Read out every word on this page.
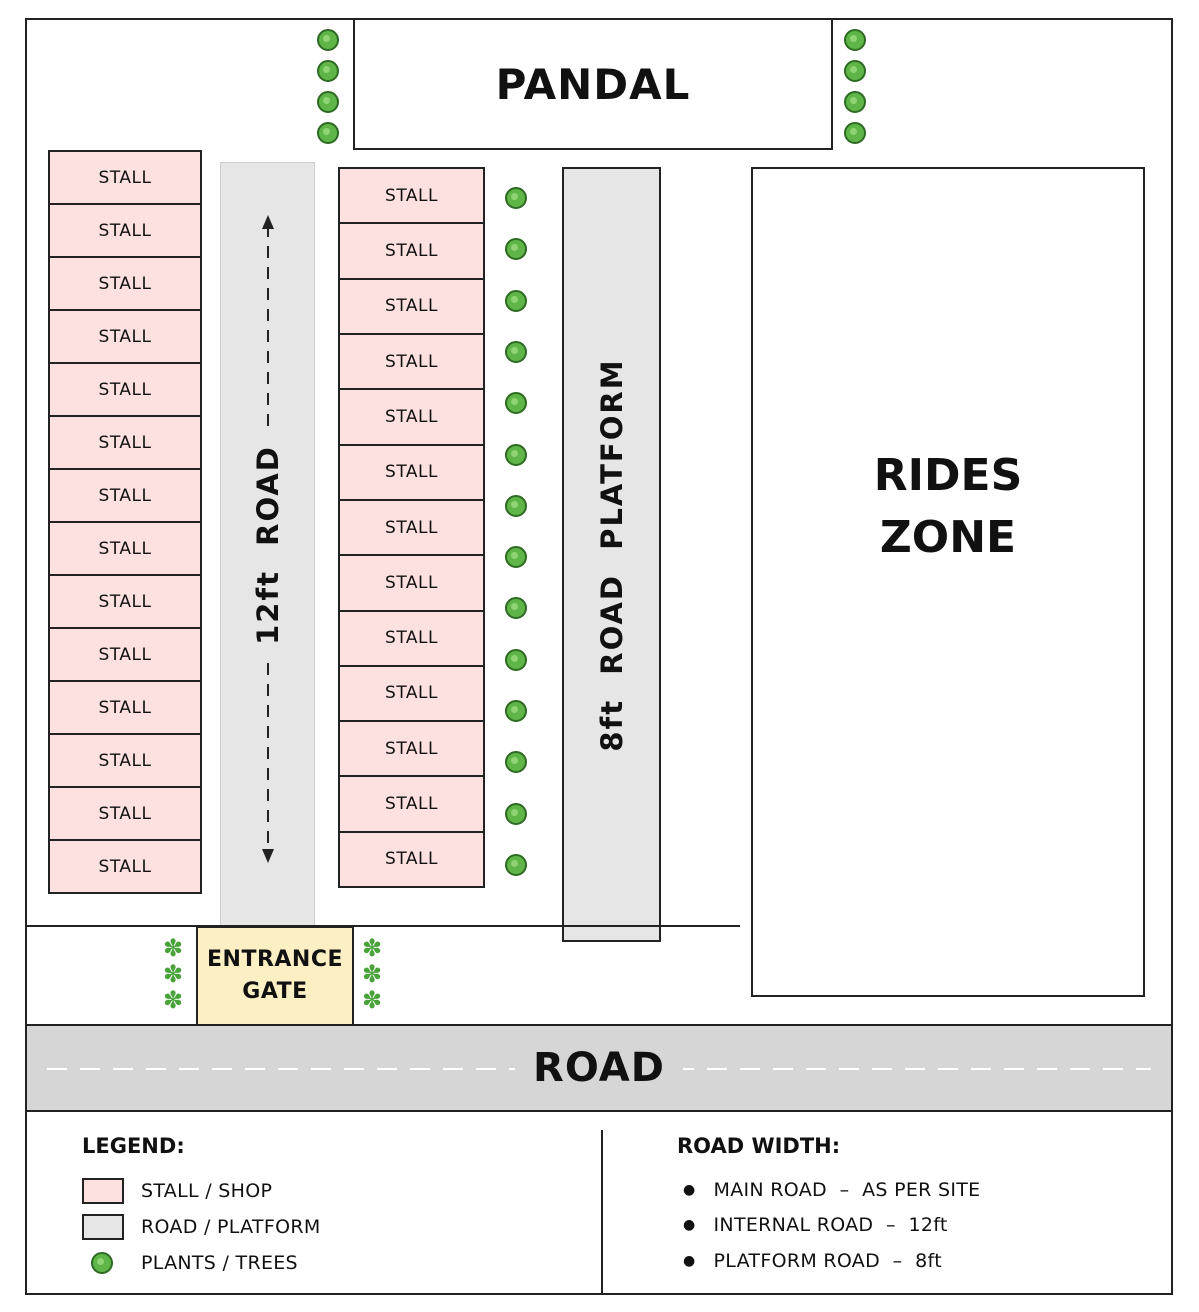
PANDAL
STALL
STALL
STALL
STALL
STALL
STALL
STALL
STALL
STALL
STALL
STALL
STALL
STALL
STALL
12ft  ROAD
STALL
STALL
STALL
STALL
STALL
STALL
STALL
STALL
STALL
STALL
STALL
STALL
STALL
8ft  ROAD  PLATFORM	RIDES
ZONE
ENTRANCE
GATE
✽
✽
✽
✽
✽
✽
ROAD
LEGEND:
STALL / SHOP
ROAD / PLATFORM
PLANTS / TREES
ROAD WIDTH:
● MAIN ROAD  –  AS PER SITE
● INTERNAL ROAD  –  12ft
● PLATFORM ROAD  –  8ft
